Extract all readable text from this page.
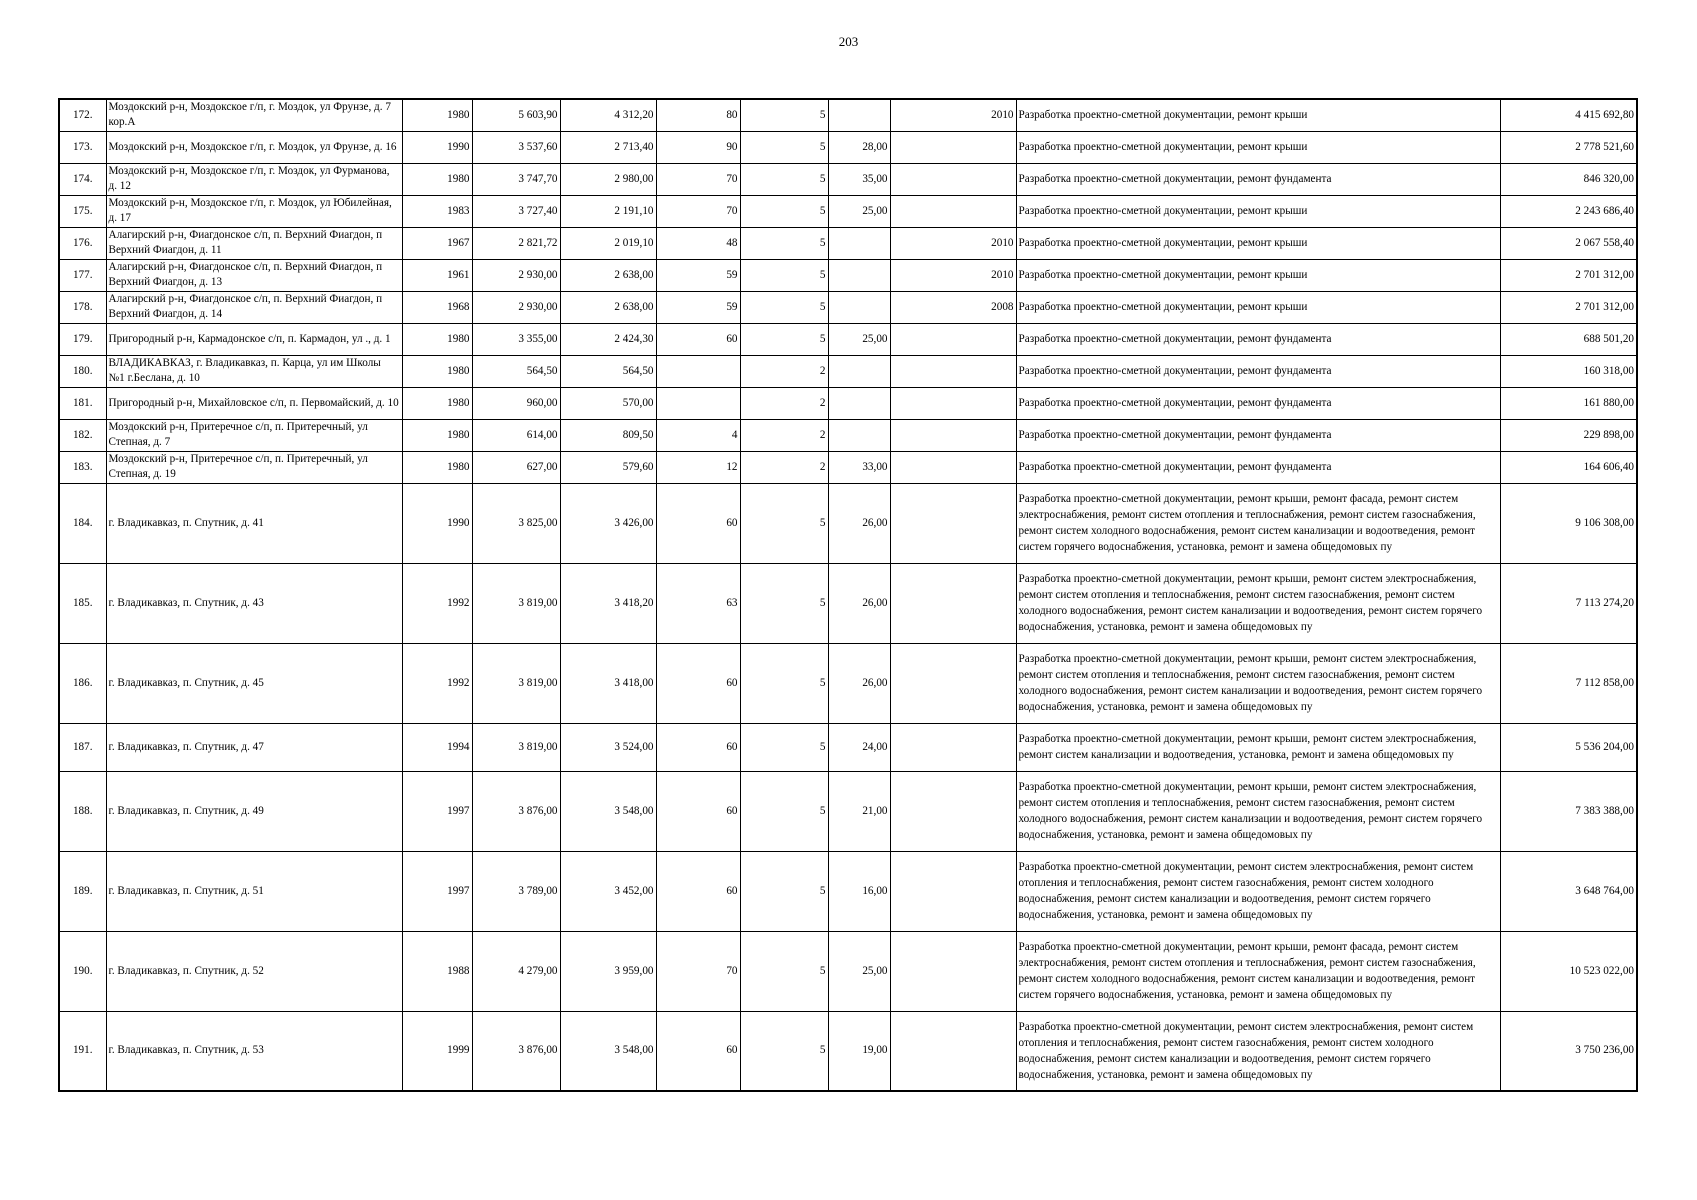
203
172.	Моздокский р-н, Моздокское г/п, г. Моздок, ул Фрунзе, д. 7 кор.А	1980	5 603,90	4 312,20	80	5		2010	Разработка проектно-сметной документации, ремонт крыши	4 415 692,80
173.	Моздокский р-н, Моздокское г/п, г. Моздок, ул Фрунзе, д. 16	1990	3 537,60	2 713,40	90	5	28,00		Разработка проектно-сметной документации, ремонт крыши	2 778 521,60
174.	Моздокский р-н, Моздокское г/п, г. Моздок, ул Фурманова, д. 12	1980	3 747,70	2 980,00	70	5	35,00		Разработка проектно-сметной документации, ремонт фундамента	846 320,00
175.	Моздокский р-н, Моздокское г/п, г. Моздок, ул Юбилейная, д. 17	1983	3 727,40	2 191,10	70	5	25,00		Разработка проектно-сметной документации, ремонт крыши	2 243 686,40
176.	Алагирский р-н, Фиагдонское с/п, п. Верхний Фиагдон, п Верхний Фиагдон, д. 11	1967	2 821,72	2 019,10	48	5		2010	Разработка проектно-сметной документации, ремонт крыши	2 067 558,40
177.	Алагирский р-н, Фиагдонское с/п, п. Верхний Фиагдон, п Верхний Фиагдон, д. 13	1961	2 930,00	2 638,00	59	5		2010	Разработка проектно-сметной документации, ремонт крыши	2 701 312,00
178.	Алагирский р-н, Фиагдонское с/п, п. Верхний Фиагдон, п Верхний Фиагдон, д. 14	1968	2 930,00	2 638,00	59	5		2008	Разработка проектно-сметной документации, ремонт крыши	2 701 312,00
179.	Пригородный р-н, Кармадонское с/п, п. Кармадон, ул ., д. 1	1980	3 355,00	2 424,30	60	5	25,00		Разработка проектно-сметной документации, ремонт фундамента	688 501,20
180.	ВЛАДИКАВКАЗ, г. Владикавказ, п. Карца, ул им Школы №1 г.Беслана, д. 10	1980	564,50	564,50		2			Разработка проектно-сметной документации, ремонт фундамента	160 318,00
181.	Пригородный р-н, Михайловское с/п, п. Первомайский, д. 10	1980	960,00	570,00		2			Разработка проектно-сметной документации, ремонт фундамента	161 880,00
182.	Моздокский р-н, Притеречное с/п, п. Притеречный, ул Степная, д. 7	1980	614,00	809,50	4	2			Разработка проектно-сметной документации, ремонт фундамента	229 898,00
183.	Моздокский р-н, Притеречное с/п, п. Притеречный, ул Степная, д. 19	1980	627,00	579,60	12	2	33,00		Разработка проектно-сметной документации, ремонт фундамента	164 606,40
184.	г. Владикавказ, п. Спутник, д. 41	1990	3 825,00	3 426,00	60	5	26,00		Разработка проектно-сметной документации, ремонт крыши, ремонт фасада, ремонт систем электроснабжения, ремонт систем отопления и теплоснабжения, ремонт систем газоснабжения, ремонт систем холодного водоснабжения, ремонт систем канализации и водоотведения, ремонт систем горячего водоснабжения, установка, ремонт и замена общедомовых пу	9 106 308,00
185.	г. Владикавказ, п. Спутник, д. 43	1992	3 819,00	3 418,20	63	5	26,00		Разработка проектно-сметной документации, ремонт крыши, ремонт систем электроснабжения, ремонт систем отопления и теплоснабжения, ремонт систем газоснабжения, ремонт систем холодного водоснабжения, ремонт систем канализации и водоотведения, ремонт систем горячего водоснабжения, установка, ремонт и замена общедомовых пу	7 113 274,20
186.	г. Владикавказ, п. Спутник, д. 45	1992	3 819,00	3 418,00	60	5	26,00		Разработка проектно-сметной документации, ремонт крыши, ремонт систем электроснабжения, ремонт систем отопления и теплоснабжения, ремонт систем газоснабжения, ремонт систем холодного водоснабжения, ремонт систем канализации и водоотведения, ремонт систем горячего водоснабжения, установка, ремонт и замена общедомовых пу	7 112 858,00
187.	г. Владикавказ, п. Спутник, д. 47	1994	3 819,00	3 524,00	60	5	24,00		Разработка проектно-сметной документации, ремонт крыши, ремонт систем электроснабжения, ремонт систем канализации и водоотведения, установка, ремонт и замена общедомовых пу	5 536 204,00
188.	г. Владикавказ, п. Спутник, д. 49	1997	3 876,00	3 548,00	60	5	21,00		Разработка проектно-сметной документации, ремонт крыши, ремонт систем электроснабжения, ремонт систем отопления и теплоснабжения, ремонт систем газоснабжения, ремонт систем холодного водоснабжения, ремонт систем канализации и водоотведения, ремонт систем горячего водоснабжения, установка, ремонт и замена общедомовых пу	7 383 388,00
189.	г. Владикавказ, п. Спутник, д. 51	1997	3 789,00	3 452,00	60	5	16,00		Разработка проектно-сметной документации, ремонт систем электроснабжения, ремонт систем отопления и теплоснабжения, ремонт систем газоснабжения, ремонт систем холодного водоснабжения, ремонт систем канализации и водоотведения, ремонт систем горячего водоснабжения, установка, ремонт и замена общедомовых пу	3 648 764,00
190.	г. Владикавказ, п. Спутник, д. 52	1988	4 279,00	3 959,00	70	5	25,00		Разработка проектно-сметной документации, ремонт крыши, ремонт фасада, ремонт систем электроснабжения, ремонт систем отопления и теплоснабжения, ремонт систем газоснабжения, ремонт систем холодного водоснабжения, ремонт систем канализации и водоотведения, ремонт систем горячего водоснабжения, установка, ремонт и замена общедомовых пу	10 523 022,00
191.	г. Владикавказ, п. Спутник, д. 53	1999	3 876,00	3 548,00	60	5	19,00		Разработка проектно-сметной документации, ремонт систем электроснабжения, ремонт систем отопления и теплоснабжения, ремонт систем газоснабжения, ремонт систем холодного водоснабжения, ремонт систем канализации и водоотведения, ремонт систем горячего водоснабжения, установка, ремонт и замена общедомовых пу	3 750 236,00
